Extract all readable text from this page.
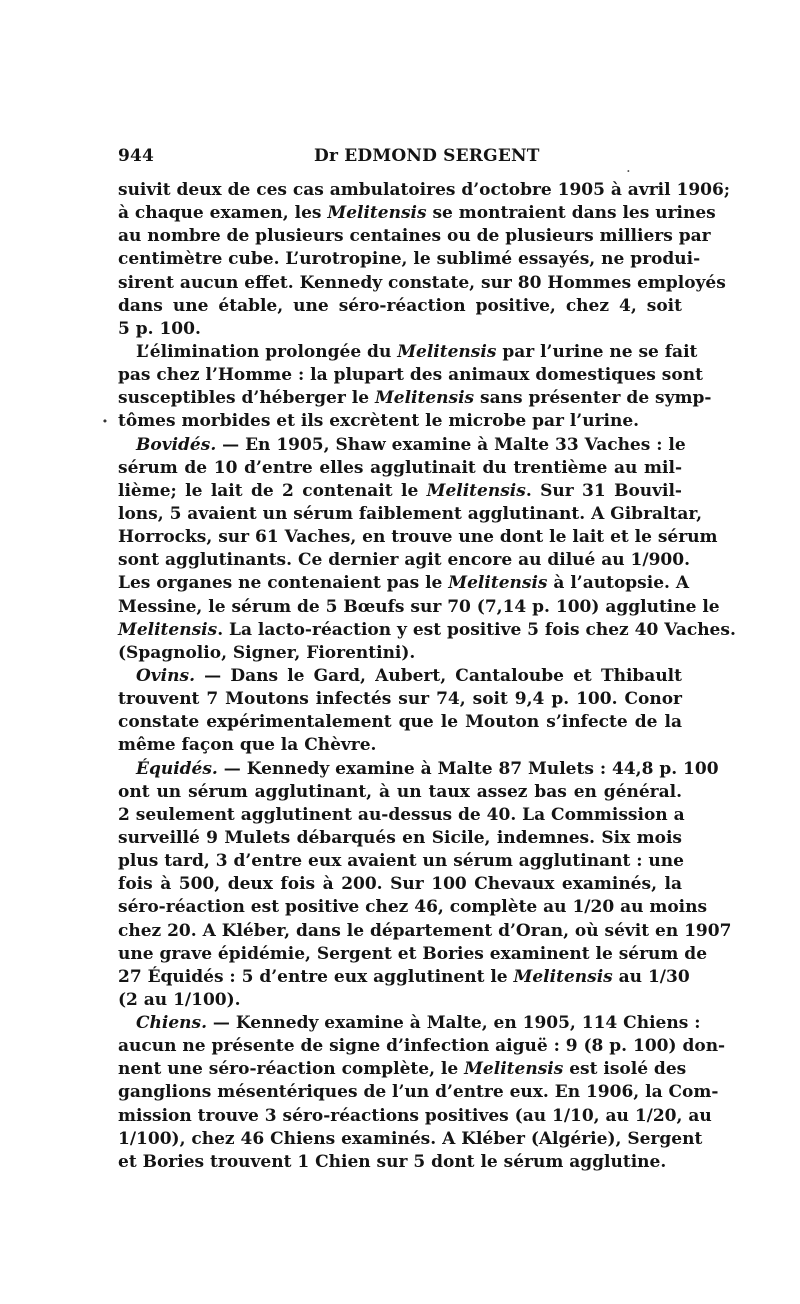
944	Dr EDMOND SERGENT
·
·
suivit deux de ces cas ambulatoires d’octobre 1905 à avril 1906;
à chaque examen, les Melitensis se montraient dans les urines
au nombre de plusieurs centaines ou de plusieurs milliers par
centimètre cube. L’urotropine, le sublimé essayés, ne produi-
sirent aucun effet. Kennedy constate, sur 80 Hommes employés
dans une étable, une séro-réaction positive, chez 4, soit
5 p. 100.
L’élimination prolongée du Melitensis par l’urine ne se fait
pas chez l’Homme : la plupart des animaux domestiques sont
susceptibles d’héberger le Melitensis sans présenter de symp-
tômes morbides et ils excrètent le microbe par l’urine.
Bovidés. — En 1905, Shaw examine à Malte 33 Vaches : le
sérum de 10 d’entre elles agglutinait du trentième au mil-
lième; le lait de 2 contenait le Melitensis. Sur 31 Bouvil-
lons, 5 avaient un sérum faiblement agglutinant. A Gibraltar,
Horrocks, sur 61 Vaches, en trouve une dont le lait et le sérum
sont agglutinants. Ce dernier agit encore au dilué au 1/900.
Les organes ne contenaient pas le Melitensis à l’autopsie. A
Messine, le sérum de 5 Bœufs sur 70 (7,14 p. 100) agglutine le
Melitensis. La lacto-réaction y est positive 5 fois chez 40 Vaches.
(Spagnolio, Signer, Fiorentini).
Ovins. — Dans le Gard, Aubert, Cantaloube et Thibault
trouvent 7 Moutons infectés sur 74, soit 9,4 p. 100. Conor
constate expérimentalement que le Mouton s’infecte de la
même façon que la Chèvre.
Équidés. — Kennedy examine à Malte 87 Mulets : 44,8 p. 100
ont un sérum agglutinant, à un taux assez bas en général.
2 seulement agglutinent au-dessus de 40. La Commission a
surveillé 9 Mulets débarqués en Sicile, indemnes. Six mois
plus tard, 3 d’entre eux avaient un sérum agglutinant : une
fois à 500, deux fois à 200. Sur 100 Chevaux examinés, la
séro-réaction est positive chez 46, complète au 1/20 au moins
chez 20. A Kléber, dans le département d’Oran, où sévit en 1907
une grave épidémie, Sergent et Bories examinent le sérum de
27 Équidés : 5 d’entre eux agglutinent le Melitensis au 1/30
(2 au 1/100).
Chiens. — Kennedy examine à Malte, en 1905, 114 Chiens :
aucun ne présente de signe d’infection aiguë : 9 (8 p. 100) don-
nent une séro-réaction complète, le Melitensis est isolé des
ganglions mésentériques de l’un d’entre eux. En 1906, la Com-
mission trouve 3 séro-réactions positives (au 1/10, au 1/20, au
1/100), chez 46 Chiens examinés. A Kléber (Algérie), Sergent
et Bories trouvent 1 Chien sur 5 dont le sérum agglutine.
